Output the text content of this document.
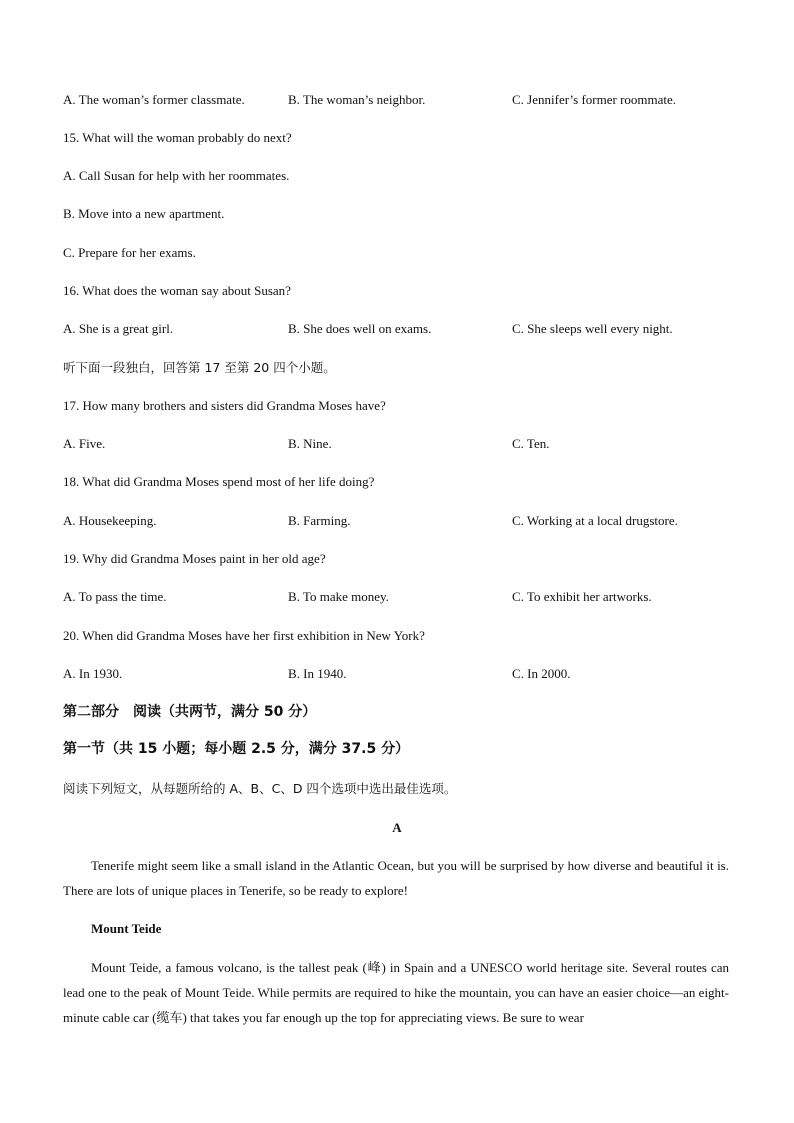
A. The woman’s former classmate.	B. The woman’s neighbor.	C. Jennifer’s former roommate.
15. What will the woman probably do next?
A. Call Susan for help with her roommates.
B. Move into a new apartment.
C. Prepare for her exams.
16. What does the woman say about Susan?
A. She is a great girl.	B. She does well on exams.	C. She sleeps well every night.
听下面一段独白，回答第 17 至第 20 四个小题。
17. How many brothers and sisters did Grandma Moses have?
A. Five.	B. Nine.	C. Ten.
18. What did Grandma Moses spend most of her life doing?
A. Housekeeping.	B. Farming.	C. Working at a local drugstore.
19. Why did Grandma Moses paint in her old age?
A. To pass the time.	B. To make money.	C. To exhibit her artworks.
20. When did Grandma Moses have her first exhibition in New York?
A. In 1930.	B. In 1940.	C. In 2000.
第二部分　阅读（共两节，满分 50 分）
第一节（共 15 小题；每小题 2.5 分，满分 37.5 分）
阅读下列短文，从每题所给的 A、B、C、D 四个选项中选出最佳选项。
A
Tenerife might seem like a small island in the Atlantic Ocean, but you will be surprised by how diverse and beautiful it is. There are lots of unique places in Tenerife, so be ready to explore!
Mount Teide
Mount Teide, a famous volcano, is the tallest peak (峰) in Spain and a UNESCO world heritage site. Several routes can lead one to the peak of Mount Teide. While permits are required to hike the mountain, you can have an easier choice—an eight-minute cable car (缆车) that takes you far enough up the top for appreciating views. Be sure to wear
